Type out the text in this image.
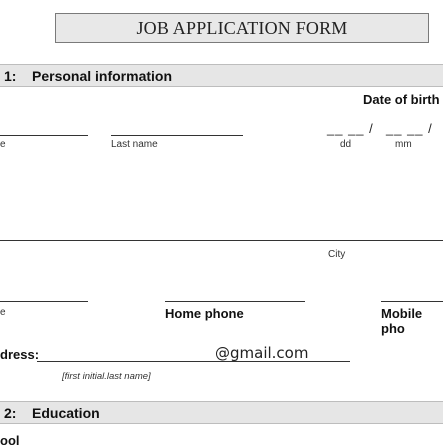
JOB APPLICATION FORM
1: Personal information
Date of birth
e	Last name
__ __ / __ __ /
dd	mm
City
e	Home phone	Mobile pho
dress:	@gmail.com
[first initial.last name]
2: Education
ool
